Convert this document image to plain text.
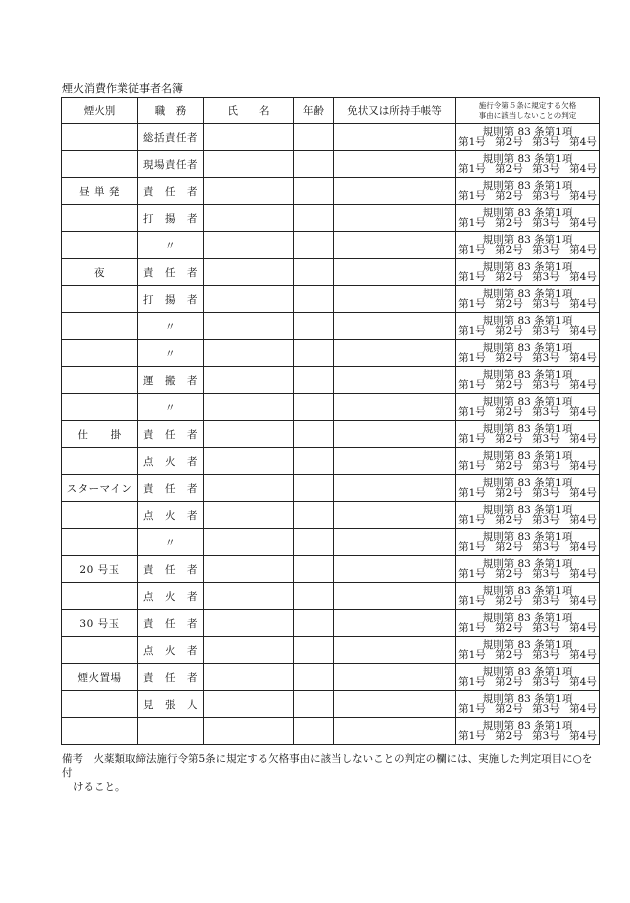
煙火消費作業従事者名簿
煙火別	職　務	氏　　名	年齢	免状又は所持手帳等	施行令第５条に規定する欠格
事由に該当しないことの判定

	総括責任者				規則第 83 条第1項
第1号 第2号 第3号 第4号

	現場責任者				規則第 83 条第1項
第1号 第2号 第3号 第4号

昼 単 発	責　任　者				規則第 83 条第1項
第1号 第2号 第3号 第4号

	打　揚　者				規則第 83 条第1項
第1号 第2号 第3号 第4号

	〃				規則第 83 条第1項
第1号 第2号 第3号 第4号

夜	責　任　者				規則第 83 条第1項
第1号 第2号 第3号 第4号

	打　揚　者				規則第 83 条第1項
第1号 第2号 第3号 第4号

	〃				規則第 83 条第1項
第1号 第2号 第3号 第4号

	〃				規則第 83 条第1項
第1号 第2号 第3号 第4号

	運　搬　者				規則第 83 条第1項
第1号 第2号 第3号 第4号

	〃				規則第 83 条第1項
第1号 第2号 第3号 第4号

仕　　掛	責　任　者				規則第 83 条第1項
第1号 第2号 第3号 第4号

	点　火　者				規則第 83 条第1項
第1号 第2号 第3号 第4号

スターマイン	責　任　者				規則第 83 条第1項
第1号 第2号 第3号 第4号

	点　火　者				規則第 83 条第1項
第1号 第2号 第3号 第4号

	〃				規則第 83 条第1項
第1号 第2号 第3号 第4号

20 号玉	責　任　者				規則第 83 条第1項
第1号 第2号 第3号 第4号

	点　火　者				規則第 83 条第1項
第1号 第2号 第3号 第4号

30 号玉	責　任　者				規則第 83 条第1項
第1号 第2号 第3号 第4号

	点　火　者				規則第 83 条第1項
第1号 第2号 第3号 第4号

煙火置場	責　任　者				規則第 83 条第1項
第1号 第2号 第3号 第4号

	見　張　人				規則第 83 条第1項
第1号 第2号 第3号 第4号

					規則第 83 条第1項
第1号 第2号 第3号 第4号
備考　火薬類取締法施行令第5条に規定する欠格事由に該当しないことの判定の欄には、実施した判定項目に○を付
けること。
